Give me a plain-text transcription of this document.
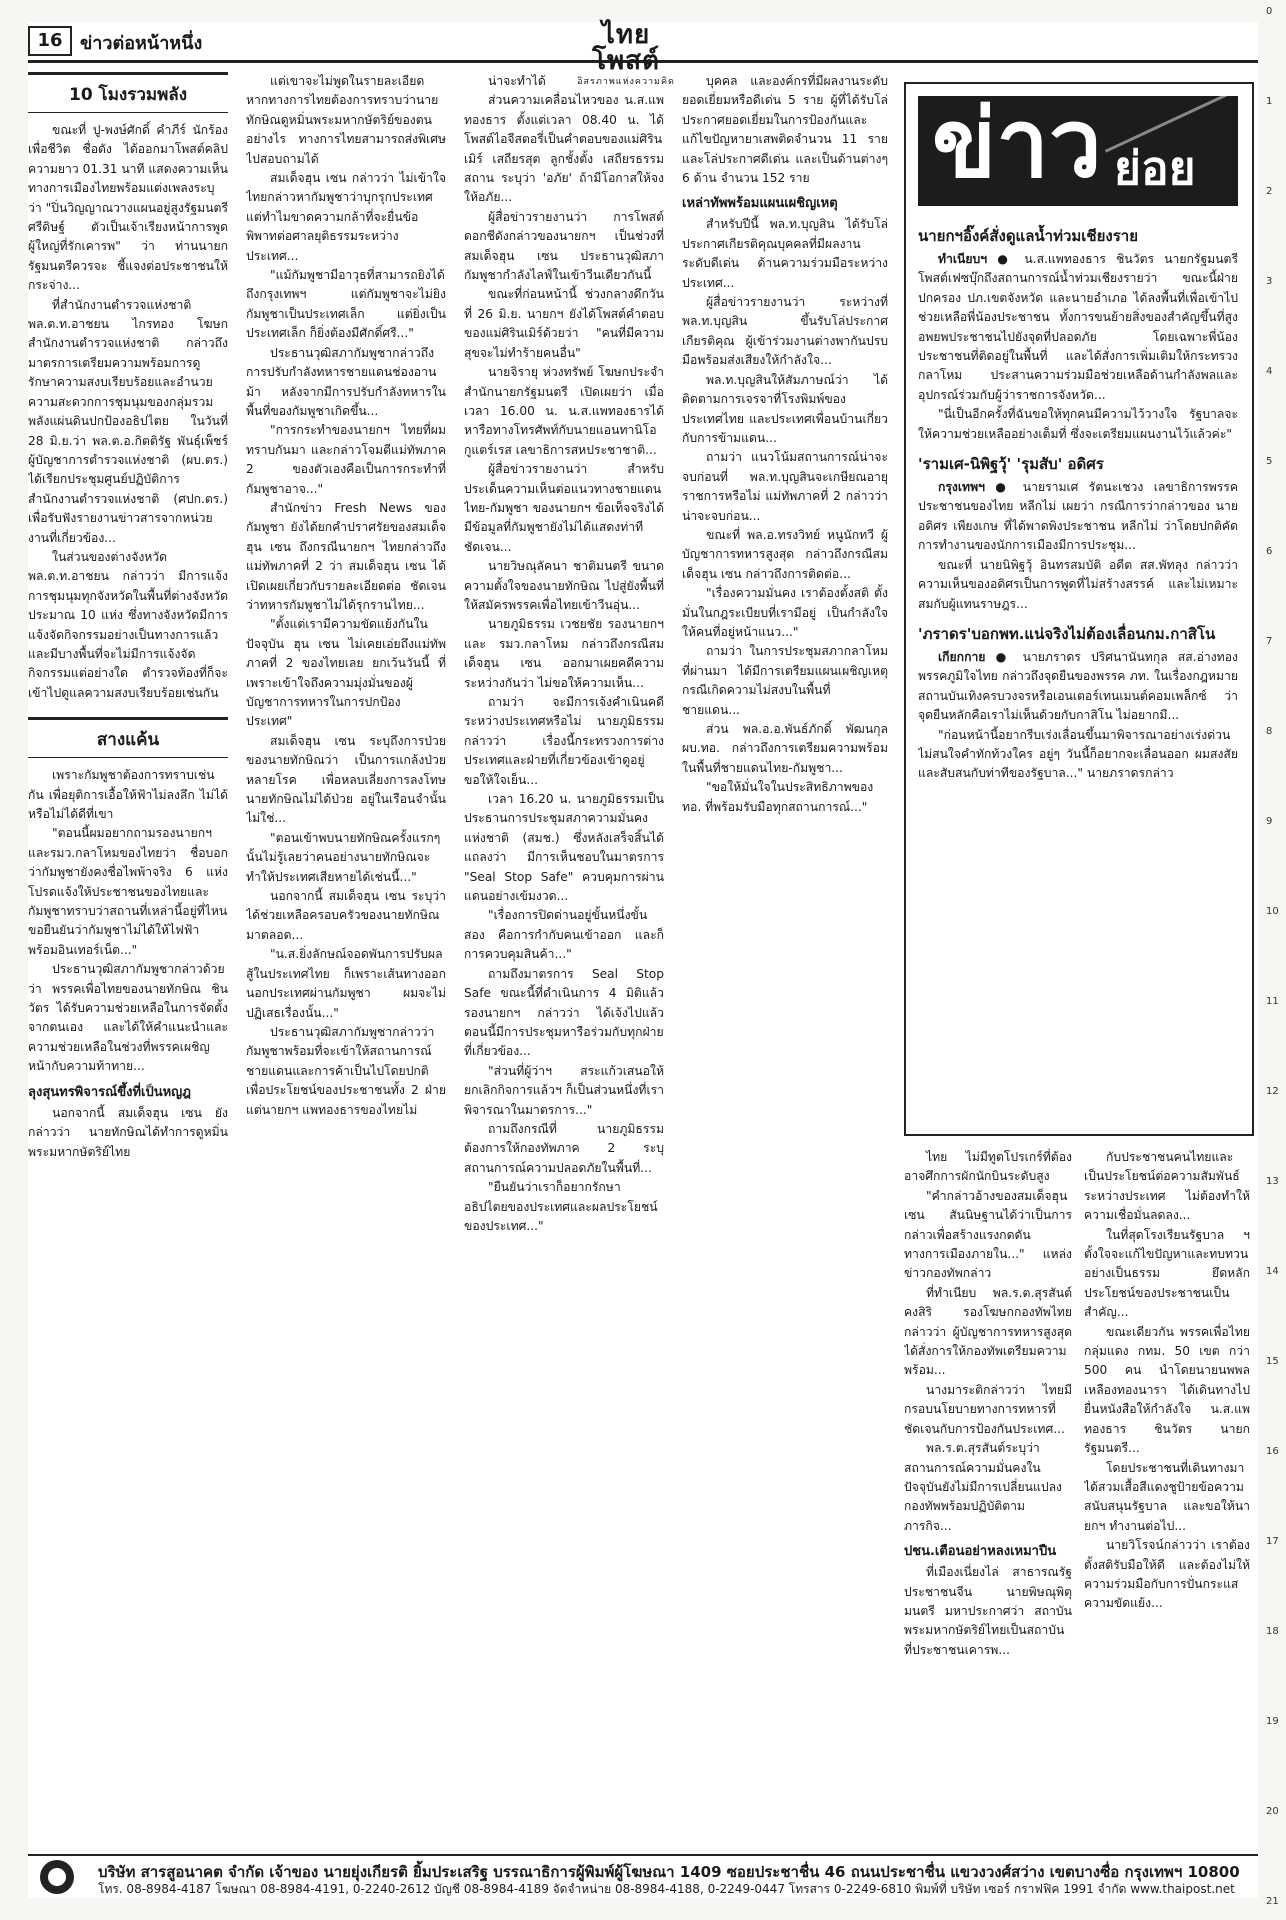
16 ข่าวต่อหน้าหนึ่ง	ไทยโพสต์
อิสรภาพแห่งความคิด
10 โมงรวมพลัง

ขณะที่ ปู-พงษ์ศักดิ์ คำภีร์ นักร้องเพื่อชีวิต ชื่อดัง ได้ออกมาโพสต์คลิปความยาว 01.31 นาที แสดงความเห็นทางการเมืองไทยพร้อมแต่งเพลงระบุว่า "ปิ่นวิญญาณวางแผนอยู่สูงรัฐมนตรีศรีดิษฐ์ ตัวเป็นเจ้าเรียงหน้าการพูด ผู้ใหญ่ที่รักเคารพ" ว่า ท่านนายกรัฐมนตรีควรจะ ชี้แจงต่อประชาชนให้กระจ่าง...

ที่สำนักงานตำรวจแห่งชาติ พล.ต.ท.อาชยน ไกรทอง โฆษกสำนักงานตำรวจแห่งชาติ กล่าวถึงมาตรการเตรียมความพร้อมการดูรักษาความสงบเรียบร้อยและอำนวยความสะดวกการชุมนุมของกลุ่มรวมพลังแผ่นดินปกป้องอธิปไตย ในวันที่ 28 มิ.ย.ว่า พล.ต.อ.กิตติรัฐ พันธุ์เพ็ชร์ ผู้บัญชาการตำรวจแห่งชาติ (ผบ.ตร.) ได้เรียกประชุมศูนย์ปฏิบัติการสำนักงานตำรวจแห่งชาติ (ศปก.ตร.) เพื่อรับฟังรายงานข่าวสารจากหน่วยงานที่เกี่ยวข้อง...

ในส่วนของต่างจังหวัด พล.ต.ท.อาชยน กล่าวว่า มีการแจ้งการชุมนุมทุกจังหวัดในพื้นที่ต่างจังหวัดประมาณ 10 แห่ง ซึ่งทางจังหวัดมีการแจ้งจัดกิจกรรมอย่างเป็นทางการแล้ว และมีบางพื้นที่จะไม่มีการแจ้งจัดกิจกรรมแต่อย่างใด ตำรวจท้องที่ก็จะเข้าไปดูแลความสงบเรียบร้อยเช่นกัน

สางแค้น

เพราะกัมพูชาต้องการทราบเช่นกัน เพื่อยุติการเอื้อให้ฟ้าไม่ลงลึก ไม่ได้หรือไม่ได้ดีที่เขา

"ตอนนี้ผมอยากถามรองนายกฯ และรมว.กลาโหมของไทยว่า ชื่อบอกว่ากัมพูชายังคงชื่อไพพ้าจริง 6 แห่ง โปรดแจ้งให้ประชาชนของไทยและกัมพูชาทราบว่าสถานที่เหล่านี้อยู่ที่ไหน ขอยืนยันว่ากัมพูชาไม่ได้ให้ไฟฟ้าพร้อมอินเทอร์เน็ต..."

ประธานวุฒิสภากัมพูชากล่าวด้วยว่า พรรคเพื่อไทยของนายทักษิณ ชินวัตร ได้รับความช่วยเหลือในการจัดตั้งจากตนเอง และได้ให้คำแนะนำและความช่วยเหลือในช่วงที่พรรคเผชิญหน้ากับความท้าทาย...

ลุงสุนทรพิจารณ์ขึ้งที่เป็นหญฎ

นอกจากนี้ สมเด็จฮุน เซน ยังกล่าวว่า นายทักษิณได้ทำการดูหมิ่นพระมหากษัตริย์ไทย

แต่เขาจะไม่พูดในรายละเอียด หากทางการไทยต้องการทราบว่านายทักษิณดูหมิ่นพระมหากษัตริย์ของตนอย่างไร ทางการไทยสามารถส่งพิเศษไปสอบถามได้

สมเด็จฮุน เซน กล่าวว่า ไม่เข้าใจไทยกล่าวหากัมพูชาว่าบุกรุกประเทศ แต่ทำไมขาดความกล้าที่จะยื่นข้อพิพาทต่อศาลยุติธรรมระหว่างประเทศ...

"แม้กัมพูชามีอาวุธที่สามารถยิงได้ถึงกรุงเทพฯ แต่กัมพูชาจะไม่ยิง กัมพูชาเป็นประเทศเล็ก แต่ยิ่งเป็นประเทศเล็ก ก็ยิ่งต้องมีศักดิ์ศรี..."

ประธานวุฒิสภากัมพูชากล่าวถึงการปรับกำลังทหารชายแดนช่องอานม้า หลังจากมีการปรับกำลังทหารในพื้นที่ของกัมพูชาเกิดขึ้น...

"การกระทำของนายกฯ ไทยที่ผมทราบกันมา และกล่าวโจมตีแม่ทัพภาค 2 ของตัวเองคือเป็นการกระทำที่กัมพูชาอาจ..."

สำนักข่าว Fresh News ของกัมพูชา ยังได้ยกคำปราศรัยของสมเด็จฮุน เซน ถึงกรณีนายกฯ ไทยกล่าวถึงแม่ทัพภาคที่ 2 ว่า สมเด็จฮุน เซน ได้เปิดเผยเกี่ยวกับรายละเอียดต่อ ชัดเจนว่าทหารกัมพูชาไม่ได้รุกรานไทย...

"ตั้งแต่เรามีความขัดแย้งกันในปัจจุบัน ฮุน เซน ไม่เคยเอ่ยถึงแม่ทัพภาคที่ 2 ของไทยเลย ยกเว้นวันนี้ ที่เพราะเข้าใจถึงความมุ่งมั่นของผู้บัญชาการทหารในการปกป้องประเทศ"

สมเด็จฮุน เซน ระบุถึงการป่วยของนายทักษิณว่า เป็นการแกล้งป่วยหลายโรค เพื่อหลบเลี่ยงการลงโทษ นายทักษิณไม่ได้ป่วย อยู่ในเรือนจำนั้นไม่ใช่...

"ตอนเข้าพบนายทักษิณครั้งแรกๆ นั้นไม่รู้เลยว่าคนอย่างนายทักษิณจะทำให้ประเทศเสียหายได้เช่นนี้..."

นอกจากนี้ สมเด็จฮุน เซน ระบุว่า ได้ช่วยเหลือครอบครัวของนายทักษิณมาตลอด...

"น.ส.ยิ่งลักษณ์จอดพันการปรับผลสู้ในประเทศไทย ก็เพราะเส้นทางออกนอกประเทศผ่านกัมพูชา ผมจะไม่ปฏิเสธเรื่องนั้น..."

ประธานวุฒิสภากัมพูชากล่าวว่า กัมพูชาพร้อมที่จะเข้าให้สถานการณ์ชายแดนและการค้าเป็นไปโดยปกติ เพื่อประโยชน์ของประชาชนทั้ง 2 ฝ่าย แต่นายกฯ แพทองธารของไทยไม่

น่าจะทำได้

ส่วนความเคลื่อนไหวของ น.ส.แพทองธาร ตั้งแต่เวลา 08.40 น. ได้โพสต์ไอจีสตอรี่เป็นคำตอบของแม่ศิรินเมิร์ เสถียรสุต ลูกชั้งตั้ง เสถียรธรรมสถาน ระบุว่า 'อภัย' ถ้ามีโอกาสให้จงให้อภัย...

ผู้สื่อข่าวรายงานว่า การโพสต์ดอกชีดังกล่าวของนายกฯ เป็นช่วงที่สมเด็จฮุน เซน ประธานวุฒิสภากัมพูชากำลังไลฟ์ในเข้าวีนเดียวกันนี้

ขณะที่ก่อนหน้านี้ ช่วงกลางดึกวันที่ 26 มิ.ย. นายกฯ ยังได้โพสต์คำตอบของแม่ศิรินเมิร์ด้วยว่า "คนที่มีความสุขจะไม่ทำร้ายคนอื่น"

นายจิรายุ ห่วงทรัพย์ โฆษกประจำสำนักนายกรัฐมนตรี เปิดเผยว่า เมื่อเวลา 16.00 น. น.ส.แพทองธารได้หารือทางโทรศัพท์กับนายแอนทานิโอ กูแตร์เรส เลขาธิการสหประชาชาติ...

ผู้สื่อข่าวรายงานว่า สำหรับประเด็นความเห็นต่อแนวทางชายแดนไทย-กัมพูชา ของนายกฯ ข้อเท็จจริงได้มีข้อมูลที่กัมพูชายังไม่ได้แสดงท่าทีชัดเจน...

นายวิษณุลัคนา ชาติมนตรี ขนาดความตั้งใจของนายทักษิณ ไปสู่ยังพื้นที่ให้สมัครพรรคเพื่อไทยเข้าวีนอุ่น...

นายภูมิธรรม เวชยชัย รองนายกฯ และ รมว.กลาโหม กล่าวถึงกรณีสมเด็จฮุน เซน ออกมาเผยคดีความระหว่างกันว่า ไม่ขอให้ความเห็น...

ถามว่า จะมีการเจ้งคำเนินคดีระหว่างประเทศหรือไม่ นายภูมิธรรมกล่าวว่า เรื่องนี้กระทรวงการต่างประเทศและฝ่ายที่เกี่ยวข้องเข้าดูอยู่ ขอให้ใจเย็น...

เวลา 16.20 น. นายภูมิธรรมเป็นประธานการประชุมสภาความมั่นคงแห่งชาติ (สมช.) ซึ่งหลังเสร็จสิ้นได้แถลงว่า มีการเห็นชอบในมาตรการ "Seal Stop Safe" ควบคุมการผ่านแดนอย่างเข้มงวด...

"เรื่องการปิดด่านอยู่ขั้นหนึ่งขั้นสอง คือการกำกับคนเข้าออก และก็การควบคุมสินค้า..."

ถามถึงมาตรการ Seal Stop Safe ขณะนี้ที่ดำเนินการ 4 มิติแล้ว รองนายกฯ กล่าวว่า ได้เจ้งไปแล้ว ตอนนี้มีการประชุมหารือร่วมกับทุกฝ่ายที่เกี่ยวข้อง...

"ส่วนที่ผู้ว่าฯ สระแก้วเสนอให้ยกเลิกกิจการแล้วฯ ก็เป็นส่วนหนึ่งที่เราพิจารณาในมาตรการ..."

ถามถึงกรณีที่ นายภูมิธรรม ต้องการให้กองทัพภาค 2 ระบุสถานการณ์ความปลอดภัยในพื้นที่...

"ยืนยันว่าเราก็อยากรักษาอธิปไตยของประเทศและผลประโยชน์ของประเทศ..."

บุคคล และองค์กรที่มีผลงานระดับยอดเยี่ยมหรือดีเด่น 5 ราย ผู้ที่ได้รับโล่ประกาศยอดเยี่ยมในการป้องกันและแก้ไขปัญหายาเสพติดจำนวน 11 ราย และโล่ประกาศดีเด่น และเป็นด้านต่างๆ 6 ด้าน จำนวน 152 ราย

เหล่าทัพพร้อมแผนเผชิญเหตุ

สำหรับปีนี้ พล.ท.บุญสิน ได้รับโล่ประกาศเกียรติคุณบุคคลที่มีผลงานระดับดีเด่น ด้านความร่วมมือระหว่างประเทศ...

ผู้สื่อข่าวรายงานว่า ระหว่างที่ พล.ท.บุญสิน ขึ้นรับโล่ประกาศเกียรติคุณ ผู้เข้าร่วมงานต่างพากันปรบมือพร้อมส่งเสียงให้กำลังใจ...

พล.ท.บุญสินให้สัมภาษณ์ว่า ได้ติดตามการเจรจาที่โรงพิมพ์ของประเทศไทย และประเทศเพื่อนบ้านเกี่ยวกับการข้ามแดน...

ถามว่า แนวโน้มสถานการณ์น่าจะจบก่อนที่ พล.ท.บุญสินจะเกษียณอายุราชการหรือไม่ แม่ทัพภาคที่ 2 กล่าวว่า น่าจะจบก่อน...

ขณะที่ พล.อ.ทรงวิทย์ หนูนักทวี ผู้บัญชาการทหารสูงสุด กล่าวถึงกรณีสมเด็จฮุน เซน กล่าวถึงการติดต่อ...

"เรื่องความมั่นคง เราต้องตั้งสติ ตั้งมั่นในกฎระเบียบที่เรามีอยู่ เป็นกำลังใจให้คนที่อยู่หน้าแนว..."

ถามว่า ในการประชุมสภากลาโหมที่ผ่านมา ได้มีการเตรียมแผนเผชิญเหตุกรณีเกิดความไม่สงบในพื้นที่ชายแดน...

ส่วน พล.อ.อ.พันธ์ภักดิ์ พัฒนกุล ผบ.ทอ. กล่าวถึงการเตรียมความพร้อมในพื้นที่ชายแดนไทย-กัมพูชา...

"ขอให้มั่นใจในประสิทธิภาพของ ทอ. ที่พร้อมรับมือทุกสถานการณ์..."

ข่าว ย่อย
นายกฯอิ๊งค์สั่งดูแลน้ำท่วมเชียงราย

ทำเนียบฯ ● น.ส.แพทองธาร ชินวัตร นายกรัฐมนตรี โพสต์เฟซบุ๊กถึงสถานการณ์น้ำท่วมเชียงรายว่า ขณะนี้ฝ่ายปกครอง ปภ.เขตจังหวัด และนายอำเภอ ได้ลงพื้นที่เพื่อเข้าไปช่วยเหลือพี่น้องประชาชน ทั้งการขนย้ายสิ่งของสำคัญขึ้นที่สูง อพยพประชาชนไปยังจุดที่ปลอดภัย โดยเฉพาะพี่น้องประชาชนที่ติดอยู่ในพื้นที่ และได้สั่งการเพิ่มเติมให้กระทรวงกลาโหม ประสานความร่วมมือช่วยเหลือด้านกำลังพลและอุปกรณ์ร่วมกับผู้ว่าราชการจังหวัด...

"นี่เป็นอีกครั้งที่ฉันขอให้ทุกคนมีความไว้วางใจ รัฐบาลจะให้ความช่วยเหลืออย่างเต็มที่ ซึ่งจะเตรียมแผนงานไว้แล้วค่ะ"

'รามเศ-นิพิฐวุ้' 'รุมสับ' อดิศร

กรุงเทพฯ ● นายรามเศ รัตนะเชวง เลขาธิการพรรคประชาชนของไทย หลีกไม่ เผยว่า กรณีการว่ากล่าวของ นายอดิศร เพียงเกษ ที่ได้พาดพิงประชาชน หลีกไม่ ว่าโดยปกติคัดการทำงานของนักการเมืองมีการประชุม...

ขณะที่ นายนิพิฐวุ้ อินทรสมบัติ อดีต สส.พัทลุง กล่าวว่า ความเห็นของอดิศรเป็นการพูดที่ไม่สร้างสรรค์ และไม่เหมาะสมกับผู้แทนราษฎร...

'ภราดร'บอกพท.แน่จริงไม่ต้องเลื่อนกม.กาสิโน

เกียกกาย ● นายภราดร ปริศนานันทกุล สส.อ่างทอง พรรคภูมิใจไทย กล่าวถึงจุดยืนของพรรค ภท. ในเรื่องกฎหมายสถานบันเทิงครบวงจรหรือเอนเตอร์เทนเมนต์คอมเพล็กซ์ ว่าจุดยืนหลักคือเราไม่เห็นด้วยกับกาสิโน ไม่อยากมี...

"ก่อนหน้านี้อยากรีบเร่งเลื่อนขึ้นมาพิจารณาอย่างเร่งด่วน ไม่สนใจคำทักท้วงใคร อยู่ๆ วันนี้ก็อยากจะเลื่อนออก ผมสงสัยและสับสนกับท่าทีของรัฐบาล..." นายภราดรกล่าว

ไทย ไม่มีทูตโปรเกร์ที่ต้องอาจศึกการผักนักบินระดับสูง

"คำกล่าวอ้างของสมเด็จฮุน เซน สันนิษฐานได้ว่าเป็นการกล่าวเพื่อสร้างแรงกดดันทางการเมืองภายใน..." แหล่งข่าวกองทัพกล่าว

ที่ทำเนียบ พล.ร.ต.สุรสันต์ คงสิริ รองโฆษกกองทัพไทย กล่าวว่า ผู้บัญชาการทหารสูงสุดได้สั่งการให้กองทัพเตรียมความพร้อม...

นางมาระติกล่าวว่า ไทยมีกรอบนโยบายทางการทหารที่ชัดเจนกับการป้องกันประเทศ...

พล.ร.ต.สุรสันต์ระบุว่า สถานการณ์ความมั่นคงในปัจจุบันยังไม่มีการเปลี่ยนแปลง กองทัพพร้อมปฏิบัติตามภารกิจ...

ปชน.เตือนอย่าหลงเหมาปืน

ที่เมืองเนี่ยงไล่ สาธารณรัฐประชาชนจีน นายพิษณุพิตุมนตรี มหาประกาศว่า สถาบันพระมหากษัตริย์ไทยเป็นสถาบันที่ประชาชนเคารพ...

กับประชาชนคนไทยและเป็นประโยชน์ต่อความสัมพันธ์ระหว่างประเทศ ไม่ต้องทำให้ความเชื่อมั่นลดลง...

ในที่สุดโรงเรียนรัฐบาล ฯ ตั้งใจจะแก้ไขปัญหาและทบทวนอย่างเป็นธรรม ยึดหลักประโยชน์ของประชาชนเป็นสำคัญ...

ขณะเดียวกัน พรรคเพื่อไทย กลุ่มแดง กทม. 50 เขต กว่า 500 คน นำโดยนายนพพล เหลืองทองนารา ได้เดินทางไปยื่นหนังสือให้กำลังใจ น.ส.แพทองธาร ชินวัตร นายกรัฐมนตรี...

โดยประชาชนที่เดินทางมาได้สวมเสื้อสีแดงชูป้ายข้อความสนับสนุนรัฐบาล และขอให้นายกฯ ทำงานต่อไป...

นายวิโรจน์กล่าวว่า เราต้องตั้งสติรับมือให้ดี และต้องไม่ให้ความร่วมมือกับการปั่นกระแสความขัดแย้ง...

บริษัท สารสูอนาคต จำกัด เจ้าของ นายยุ่งเกียรติ ยิ้มประเสริฐ บรรณาธิการผู้พิมพ์ผู้โฆษณา 1409 ซอยประชาชื่น 46 ถนนประชาชื่น แขวงวงศ์สว่าง เขตบางซื่อ กรุงเทพฯ 10800
โทร. 08-8984-4187 โฆษณา 08-8984-4191, 0-2240-2612 บัญชี 08-8984-4189 จัดจำหน่าย 08-8984-4188, 0-2249-0447 โทรสาร 0-2249-6810 พิมพ์ที่ บริษัท เซอร์ กราฟฟิค 1991 จำกัด www.thaipost.net
0
1
2
3
4
5
6
7
8
9
10
11
12
13
14
15
16
17
18
19
20
21
